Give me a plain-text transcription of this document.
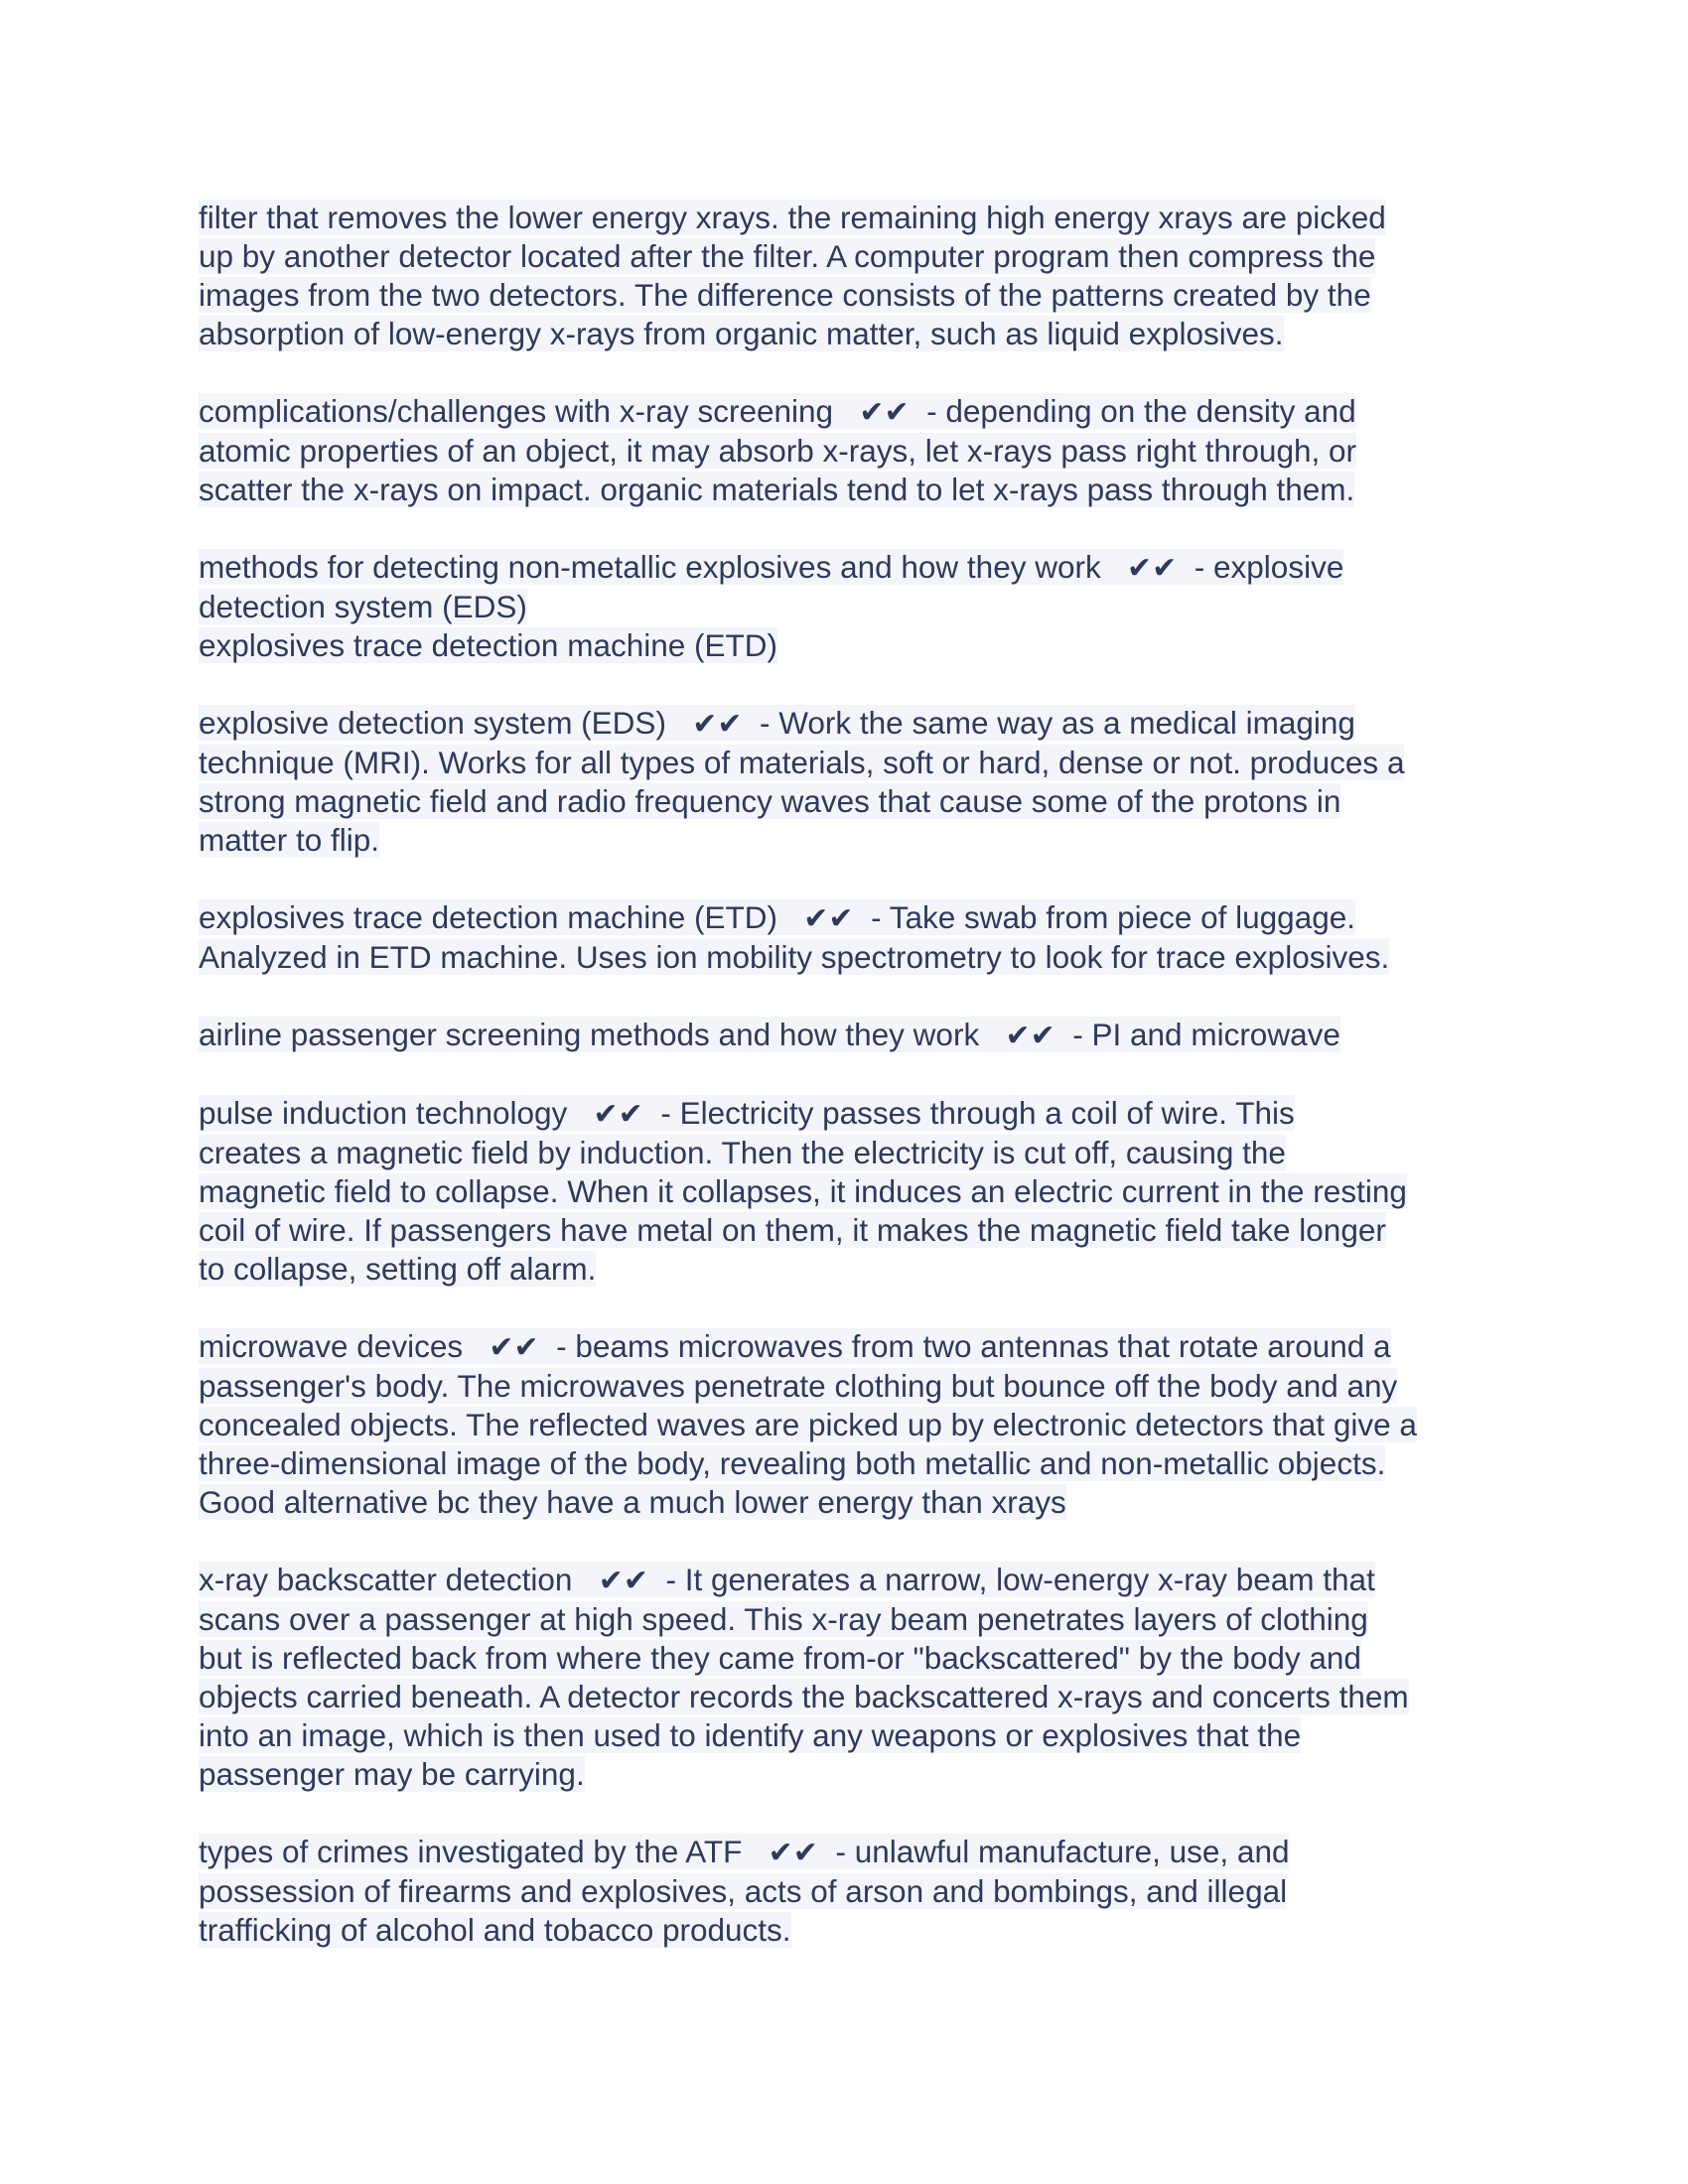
filter that removes the lower energy xrays. the remaining high energy xrays are picked
up by another detector located after the filter. A computer program then compress the
images from the two detectors. The difference consists of the patterns created by the
absorption of low-energy x-rays from organic matter, such as liquid explosives.
complications/challenges with x-ray screening ✔✔ - depending on the density and
atomic properties of an object, it may absorb x-rays, let x-rays pass right through, or
scatter the x-rays on impact. organic materials tend to let x-rays pass through them.
methods for detecting non-metallic explosives and how they work ✔✔ - explosive
detection system (EDS)
explosives trace detection machine (ETD)
explosive detection system (EDS) ✔✔ - Work the same way as a medical imaging
technique (MRI). Works for all types of materials, soft or hard, dense or not. produces a
strong magnetic field and radio frequency waves that cause some of the protons in
matter to flip.
explosives trace detection machine (ETD) ✔✔ - Take swab from piece of luggage.
Analyzed in ETD machine. Uses ion mobility spectrometry to look for trace explosives.
airline passenger screening methods and how they work ✔✔ - PI and microwave
pulse induction technology ✔✔ - Electricity passes through a coil of wire. This
creates a magnetic field by induction. Then the electricity is cut off, causing the
magnetic field to collapse. When it collapses, it induces an electric current in the resting
coil of wire. If passengers have metal on them, it makes the magnetic field take longer
to collapse, setting off alarm.
microwave devices ✔✔ - beams microwaves from two antennas that rotate around a
passenger's body. The microwaves penetrate clothing but bounce off the body and any
concealed objects. The reflected waves are picked up by electronic detectors that give a
three-dimensional image of the body, revealing both metallic and non-metallic objects.
Good alternative bc they have a much lower energy than xrays
x-ray backscatter detection ✔✔ - It generates a narrow, low-energy x-ray beam that
scans over a passenger at high speed. This x-ray beam penetrates layers of clothing
but is reflected back from where they came from-or "backscattered" by the body and
objects carried beneath. A detector records the backscattered x-rays and concerts them
into an image, which is then used to identify any weapons or explosives that the
passenger may be carrying.
types of crimes investigated by the ATF ✔✔ - unlawful manufacture, use, and
possession of firearms and explosives, acts of arson and bombings, and illegal
trafficking of alcohol and tobacco products.
